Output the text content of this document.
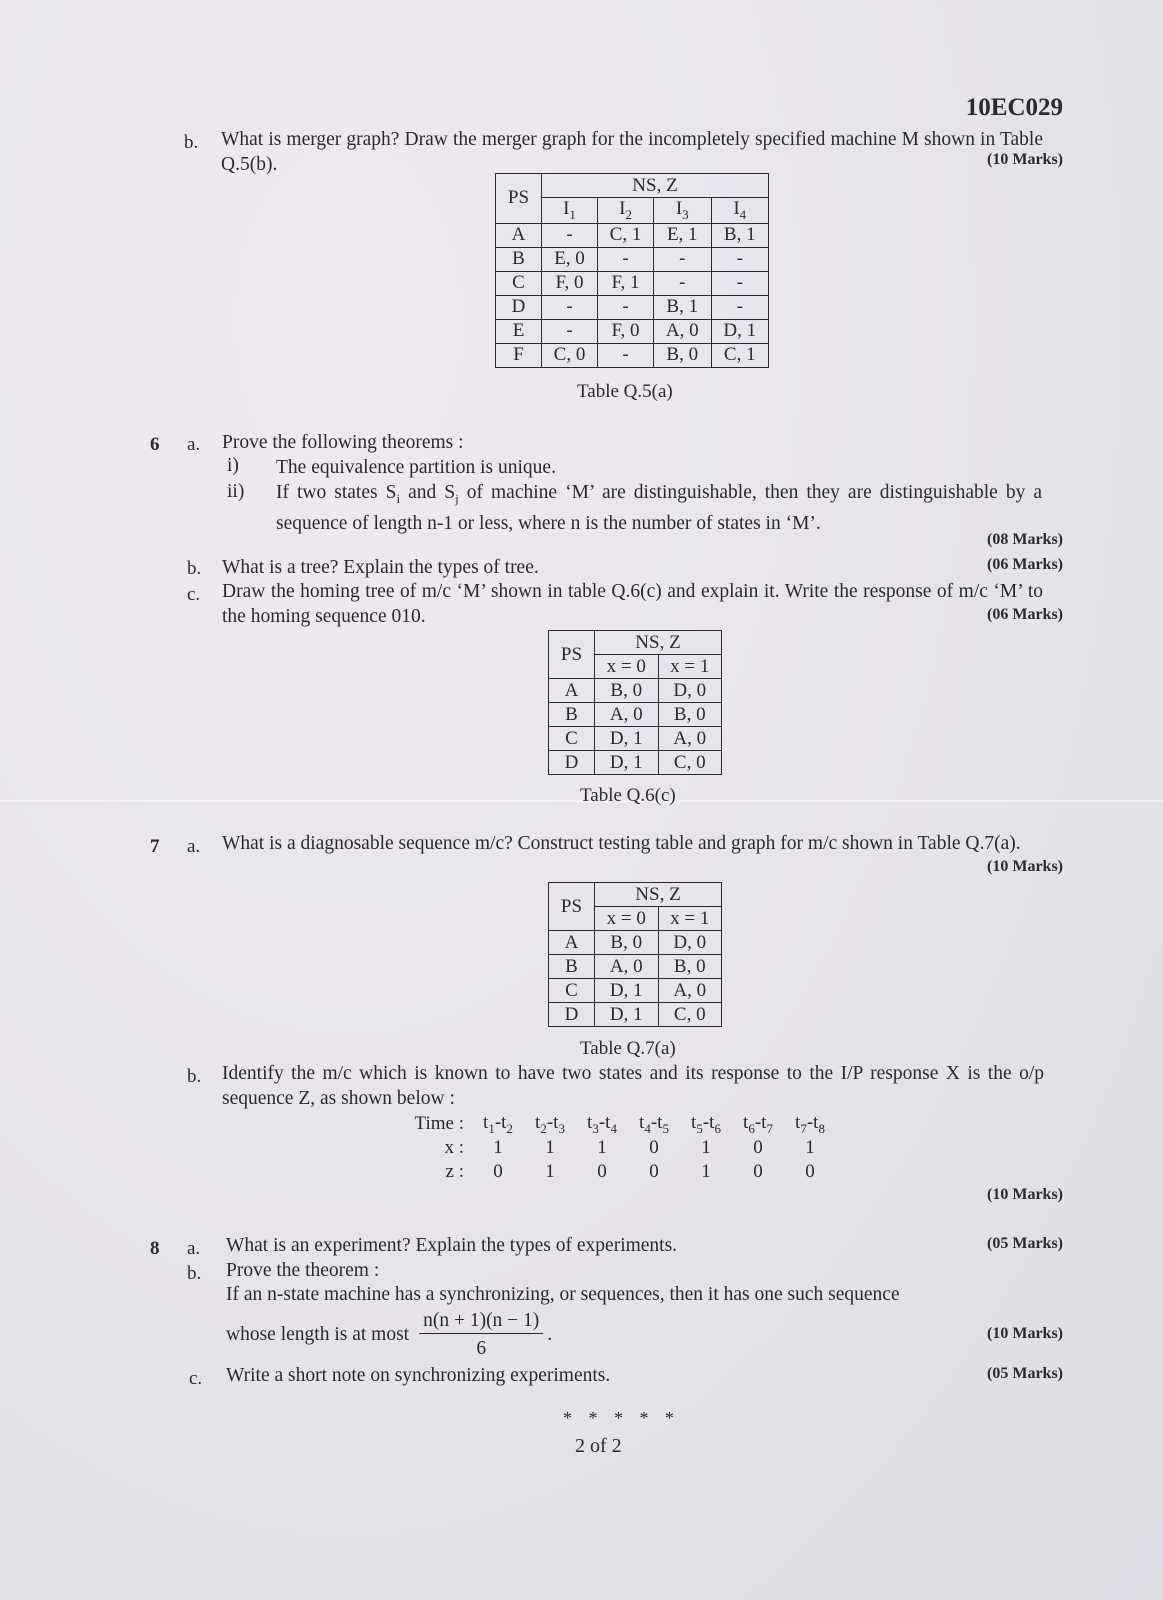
10EC029
b. What is merger graph? Draw the merger graph for the incompletely specified machine M shown in Table Q.5(b).	(10 Marks)
PS	NS, Z			
	$I_1$	$I_2$	$I_3$	$I_4$
A	-	C, 1	E, 1	B, 1
B	E, 0	-	-	-
C	F, 0	F, 1	-	-
D	-	-	B, 1	-
E	-	F, 0	A, 0	D, 1
F	C, 0	-	B, 0	C, 1
Table Q.5(a)
6 a. Prove the following theorems :
i) The equivalence partition is unique.
ii) If two states $S_i$ and $S_j$ of machine ‘M’ are distinguishable, then they are distinguishable by a sequence of length n-1 or less, where n is the number of states in ‘M’.
(08 Marks)
b. What is a tree? Explain the types of tree.	(06 Marks)
c. Draw the homing tree of m/c ‘M’ shown in table Q.6(c) and explain it. Write the response of m/c ‘M’ to the homing sequence 010.	(06 Marks)
PS	NS, Z	
	x = 0	x = 1
A	B, 0	D, 0
B	A, 0	B, 0
C	D, 1	A, 0
D	D, 1	C, 0
Table Q.6(c)
7 a. What is a diagnosable sequence m/c? Construct testing table and graph for m/c shown in Table Q.7(a).
(10 Marks)
PS	NS, Z	
	x = 0	x = 1
A	B, 0	D, 0
B	A, 0	B, 0
C	D, 1	A, 0
D	D, 1	C, 0
Table Q.7(a)
b. Identify the m/c which is known to have two states and its response to the I/P response X is the o/p sequence Z, as shown below :
Time :	$t_1-t_2$	$t_2-t_3$	$t_3-t_4$	$t_4-t_5$	$t_5-t_6$	$t_6-t_7$	$t_7-t_8$
x :	1	1	1	0	1	0	1
z :	0	1	0	0	1	0	0
(10 Marks)
8 a. What is an experiment? Explain the types of experiments.	(05 Marks)
b. Prove the theorem :
If an n-state machine has a synchronizing, or sequences, then it has one such sequence
whose length is at most $\frac{n(n + 1)(n - 1)}{6}$ .	(10 Marks)
c. Write a short note on synchronizing experiments.	(05 Marks)
* * * * *
2 of 2
